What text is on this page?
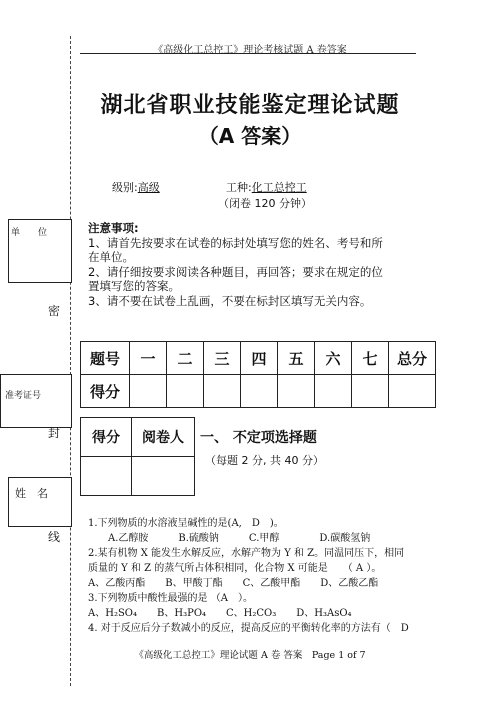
《高级化工总控工》理论考核试题 A 卷答案
湖北省职业技能鉴定理论试题
（A 答案）
级别:高级	工种:化工总控工
（闭卷 120 分钟）
单　　位
准考证号
姓　名
密
封
线
注意事项:
1、请首先按要求在试卷的标封处填写您的姓名、考号和所
在单位。
2、请仔细按要求阅读各种题目，再回答；要求在规定的位
置填写您的答案。
3、请不要在试卷上乱画，不要在标封区填写无关内容。
题号	一	二	三	四	五	六	七	总分
得分								
得分	阅卷人
	一、 不定项选择题
（每题 2 分, 共 40 分）
1.下列物质的水溶液呈碱性的是(A,　D　)。
　　A.乙醇胺　　　B.硫酸钠　　　C.甲醇　　　　D.碳酸氢钠
2.某有机物 X 能发生水解反应，水解产物为 Y 和 Z。同温同压下，相同
质量的 Y 和 Z 的蒸气所占体积相同，化合物 X 可能是　　（ A ）。
A、乙酸丙酯　　B、甲酸丁酯　　C、乙酸甲酯　　D、乙酸乙酯
3.下列物质中酸性最强的是 （A　）。
A、H₂SO₄　　B、H₃PO₄　　C、H₂CO₃　　D、H₃AsO₄
4. 对于反应后分子数减小的反应，提高反应的平衡转化率的方法有（　D
《高级化工总控工》理论试题 A 卷 答案　Page 1 of 7
